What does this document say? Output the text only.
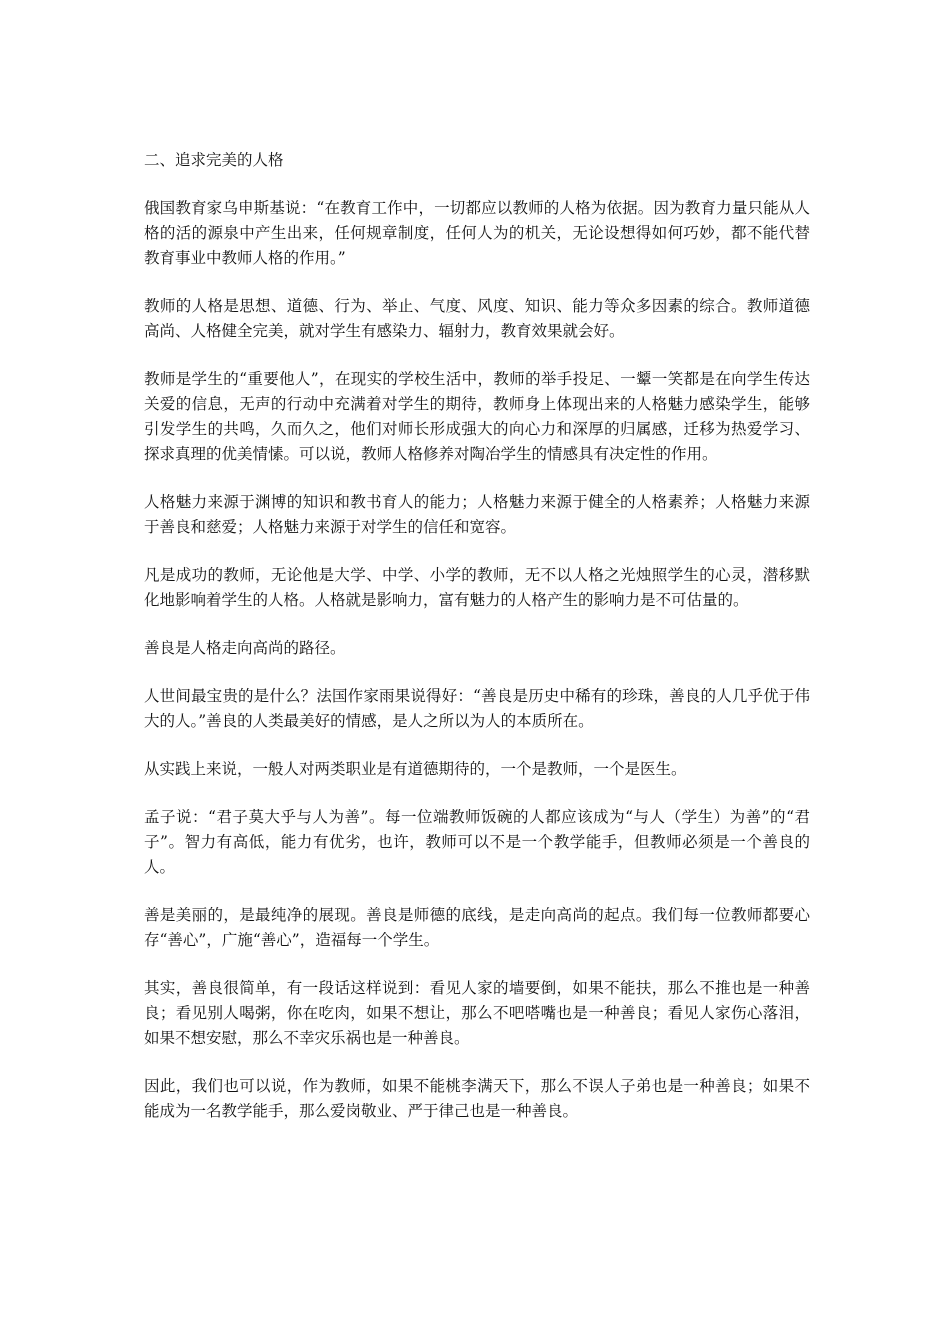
二、追求完美的人格

俄国教育家乌申斯基说：“在教育工作中，一切都应以教师的人格为依据。因为教育力量只能从人格的活的源泉中产生出来，任何规章制度，任何人为的机关，无论设想得如何巧妙，都不能代替教育事业中教师人格的作用。”

教师的人格是思想、道德、行为、举止、气度、风度、知识、能力等众多因素的综合。教师道德高尚、人格健全完美，就对学生有感染力、辐射力，教育效果就会好。

教师是学生的“重要他人”，在现实的学校生活中，教师的举手投足、一颦一笑都是在向学生传达关爱的信息，无声的行动中充满着对学生的期待，教师身上体现出来的人格魅力感染学生，能够引发学生的共鸣，久而久之，他们对师长形成强大的向心力和深厚的归属感，迁移为热爱学习、探求真理的优美情愫。可以说，教师人格修养对陶冶学生的情感具有决定性的作用。

人格魅力来源于渊博的知识和教书育人的能力；人格魅力来源于健全的人格素养；人格魅力来源于善良和慈爱；人格魅力来源于对学生的信任和宽容。

凡是成功的教师，无论他是大学、中学、小学的教师，无不以人格之光烛照学生的心灵，潜移默化地影响着学生的人格。人格就是影响力，富有魅力的人格产生的影响力是不可估量的。

善良是人格走向高尚的路径。

人世间最宝贵的是什么？法国作家雨果说得好：“善良是历史中稀有的珍珠，善良的人几乎优于伟大的人。”善良的人类最美好的情感，是人之所以为人的本质所在。

从实践上来说，一般人对两类职业是有道德期待的，一个是教师，一个是医生。

孟子说：“君子莫大乎与人为善”。每一位端教师饭碗的人都应该成为“与人（学生）为善”的“君子”。智力有高低，能力有优劣，也许，教师可以不是一个教学能手，但教师必须是一个善良的人。

善是美丽的，是最纯净的展现。善良是师德的底线，是走向高尚的起点。我们每一位教师都要心存“善心”，广施“善心”，造福每一个学生。

其实，善良很简单，有一段话这样说到：看见人家的墙要倒，如果不能扶，那么不推也是一种善良；看见别人喝粥，你在吃肉，如果不想让，那么不吧嗒嘴也是一种善良；看见人家伤心落泪，如果不想安慰，那么不幸灾乐祸也是一种善良。

因此，我们也可以说，作为教师，如果不能桃李满天下，那么不误人子弟也是一种善良；如果不能成为一名教学能手，那么爱岗敬业、严于律己也是一种善良。
